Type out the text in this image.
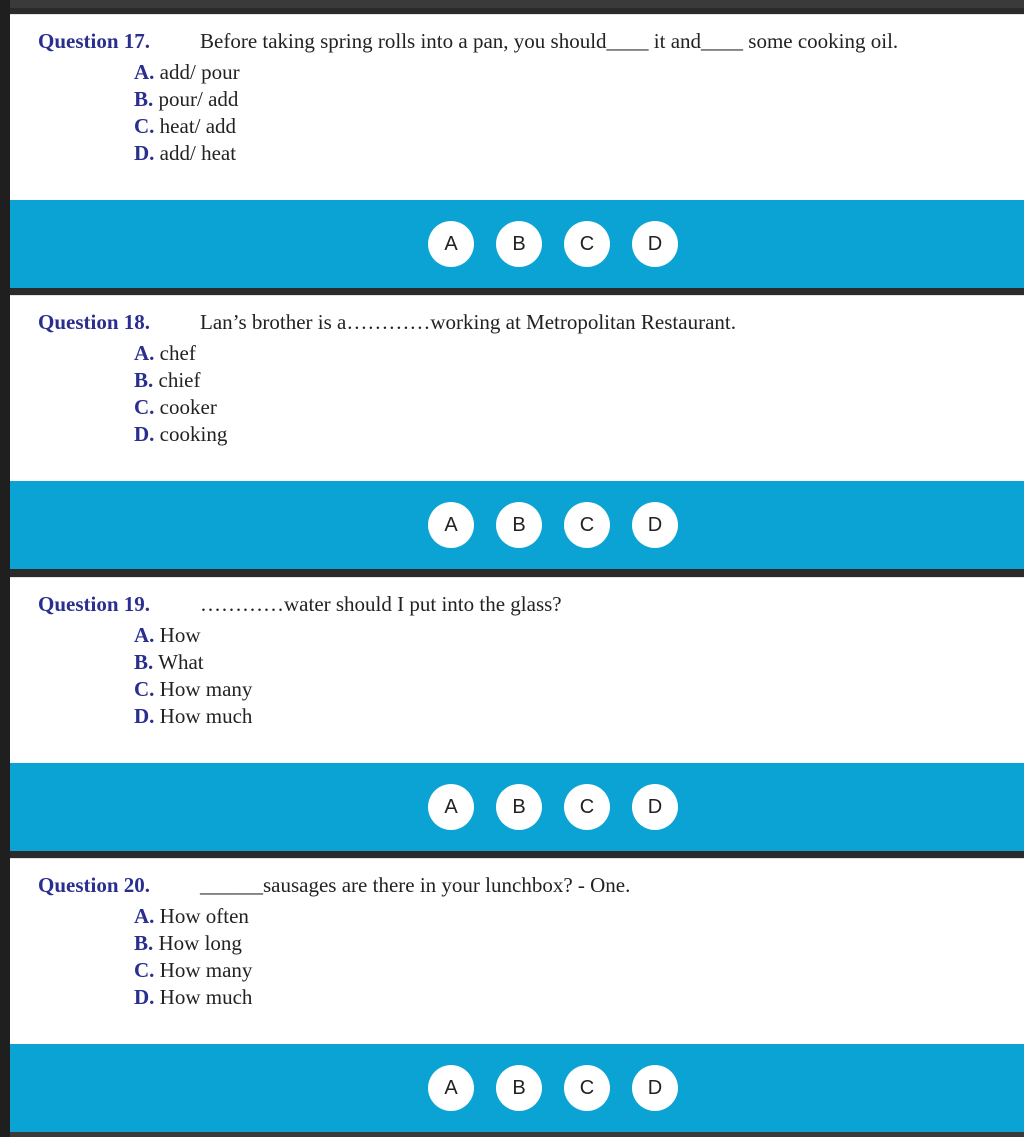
Question 17. Before taking spring rolls into a pan, you should____ it and____ some cooking oil.
A. add/ pour
B. pour/ add
C. heat/ add
D. add/ heat
A	B	C	D
Question 18. Lan’s brother is a…………working at Metropolitan Restaurant.
A. chef
B. chief
C. cooker
D. cooking
A	B	C	D
Question 19. …………water should I put into the glass?
A. How
B. What
C. How many
D. How much
A	B	C	D
Question 20. ______sausages are there in your lunchbox? - One.
A. How often
B. How long
C. How many
D. How much
A	B	C	D
